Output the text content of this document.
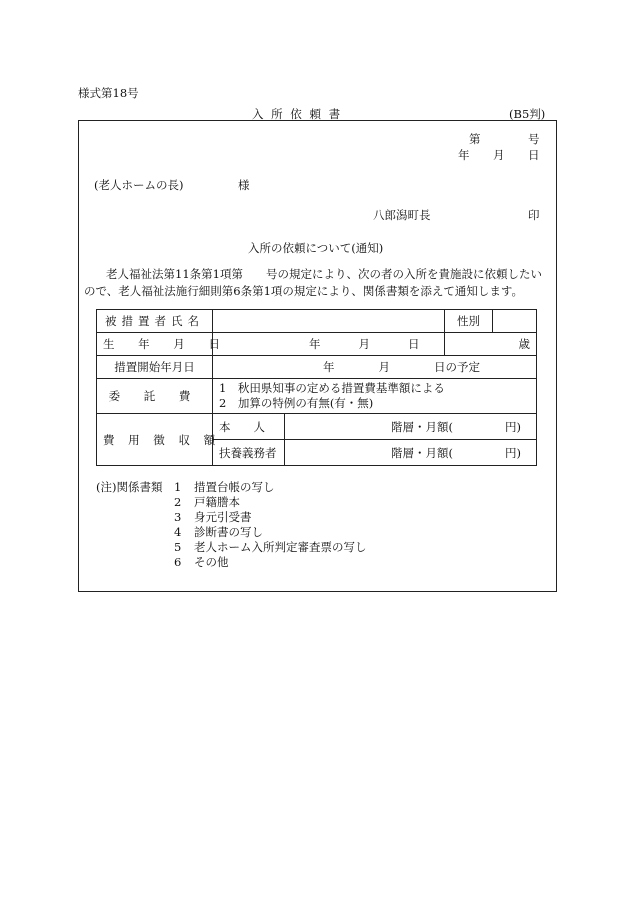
様式第18号
入 所 依 頼 書	(B5判)
第	号
年 月 日
(老人ホームの長)	様
八郎潟町長	印
入所の依頼について(通知)

老人福祉法第11条第1項第　　号の規定により、次の者の入所を貴施設に依頼したい

ので、老人福祉法施行細則第6条第1項の規定により、関係書類を添えて通知します。

被措置者氏名			性別	
生 年 月 日	年 月 日		歳	
措置開始年月日	年 月 日の予定			
委 託 費	1　秋田県知事の定める措置費基準額による
2　加算の特例の有無(有・無)			

費 用 徴 収 額	本　　人	階層・月額( 円)		
	扶養義務者	階層・月額( 円)		
(注)関係書類 1 措置台帳の写し
2 戸籍謄本
3 身元引受書
4 診断書の写し
5 老人ホーム入所判定審査票の写し
6 その他
